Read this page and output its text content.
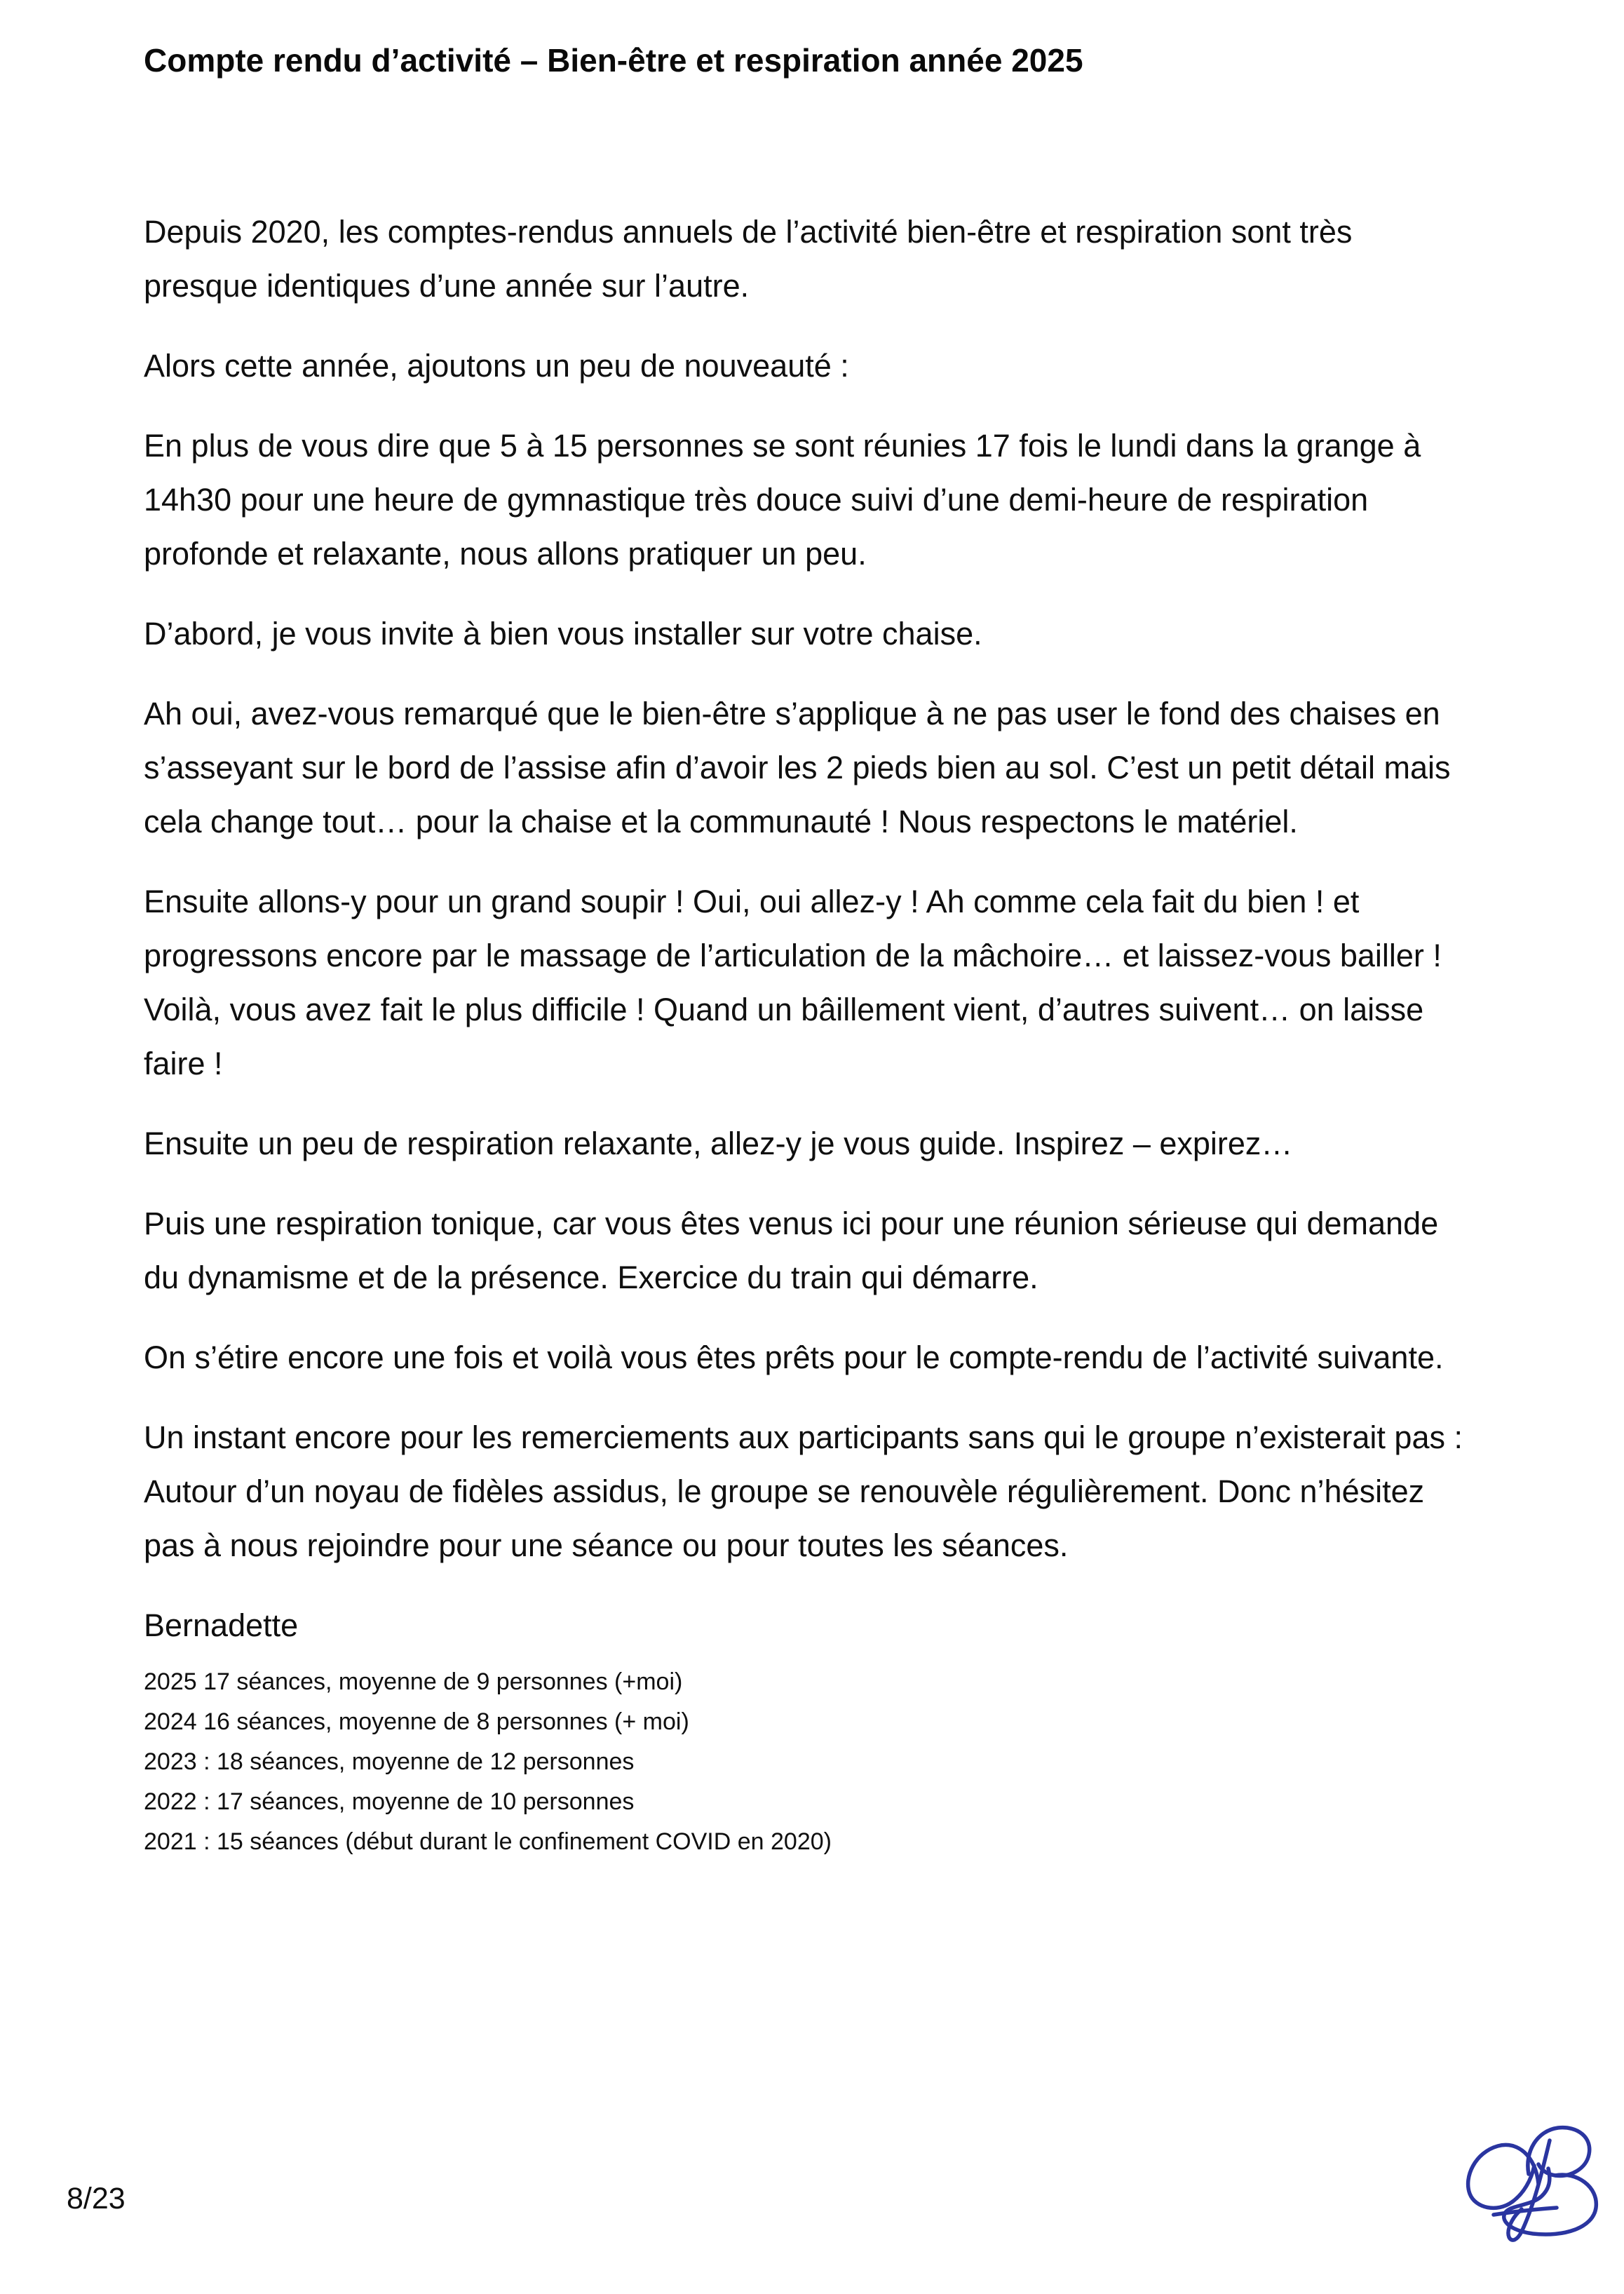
Compte rendu d’activité – Bien-être et respiration année 2025

Depuis 2020, les comptes-rendus annuels de l’activité bien-être et respiration sont très presque identiques d’une année sur l’autre.

Alors cette année, ajoutons un peu de nouveauté :

En plus de vous dire que 5 à 15 personnes se sont réunies 17 fois le lundi dans la grange à 14h30 pour une heure de gymnastique très douce suivi d’une demi-heure de respiration profonde et relaxante, nous allons pratiquer un peu.

D’abord, je vous invite à bien vous installer sur votre chaise.

Ah oui, avez-vous remarqué que le bien-être s’applique à ne pas user le fond des chaises en s’asseyant sur le bord de l’assise afin d’avoir les 2 pieds bien au sol. C’est un petit détail mais cela change tout… pour la chaise et la communauté ! Nous respectons le matériel.

Ensuite allons-y pour un grand soupir ! Oui, oui allez-y ! Ah comme cela fait du bien ! et progressons encore par le massage de l’articulation de la mâchoire… et laissez-vous bailler ! Voilà, vous avez fait le plus difficile ! Quand un bâillement vient, d’autres suivent… on laisse faire !

Ensuite un peu de respiration relaxante, allez-y je vous guide. Inspirez – expirez…

Puis une respiration tonique, car vous êtes venus ici pour une réunion sérieuse qui demande du dynamisme et de la présence. Exercice du train qui démarre.

On s’étire encore une fois et voilà vous êtes prêts pour le compte-rendu de l’activité suivante.

Un instant encore pour les remerciements aux participants sans qui le groupe n’existerait pas : Autour d’un noyau de fidèles assidus, le groupe se renouvèle régulièrement. Donc n’hésitez pas à nous rejoindre pour une séance ou pour toutes les séances.

Bernadette

2025 17 séances, moyenne de 9 personnes (+moi)

2024 16 séances, moyenne de 8 personnes (+ moi)

2023 : 18 séances, moyenne de 12 personnes

2022 : 17 séances, moyenne de 10 personnes

2021 : 15 séances (début durant le confinement COVID en 2020)

8/23
